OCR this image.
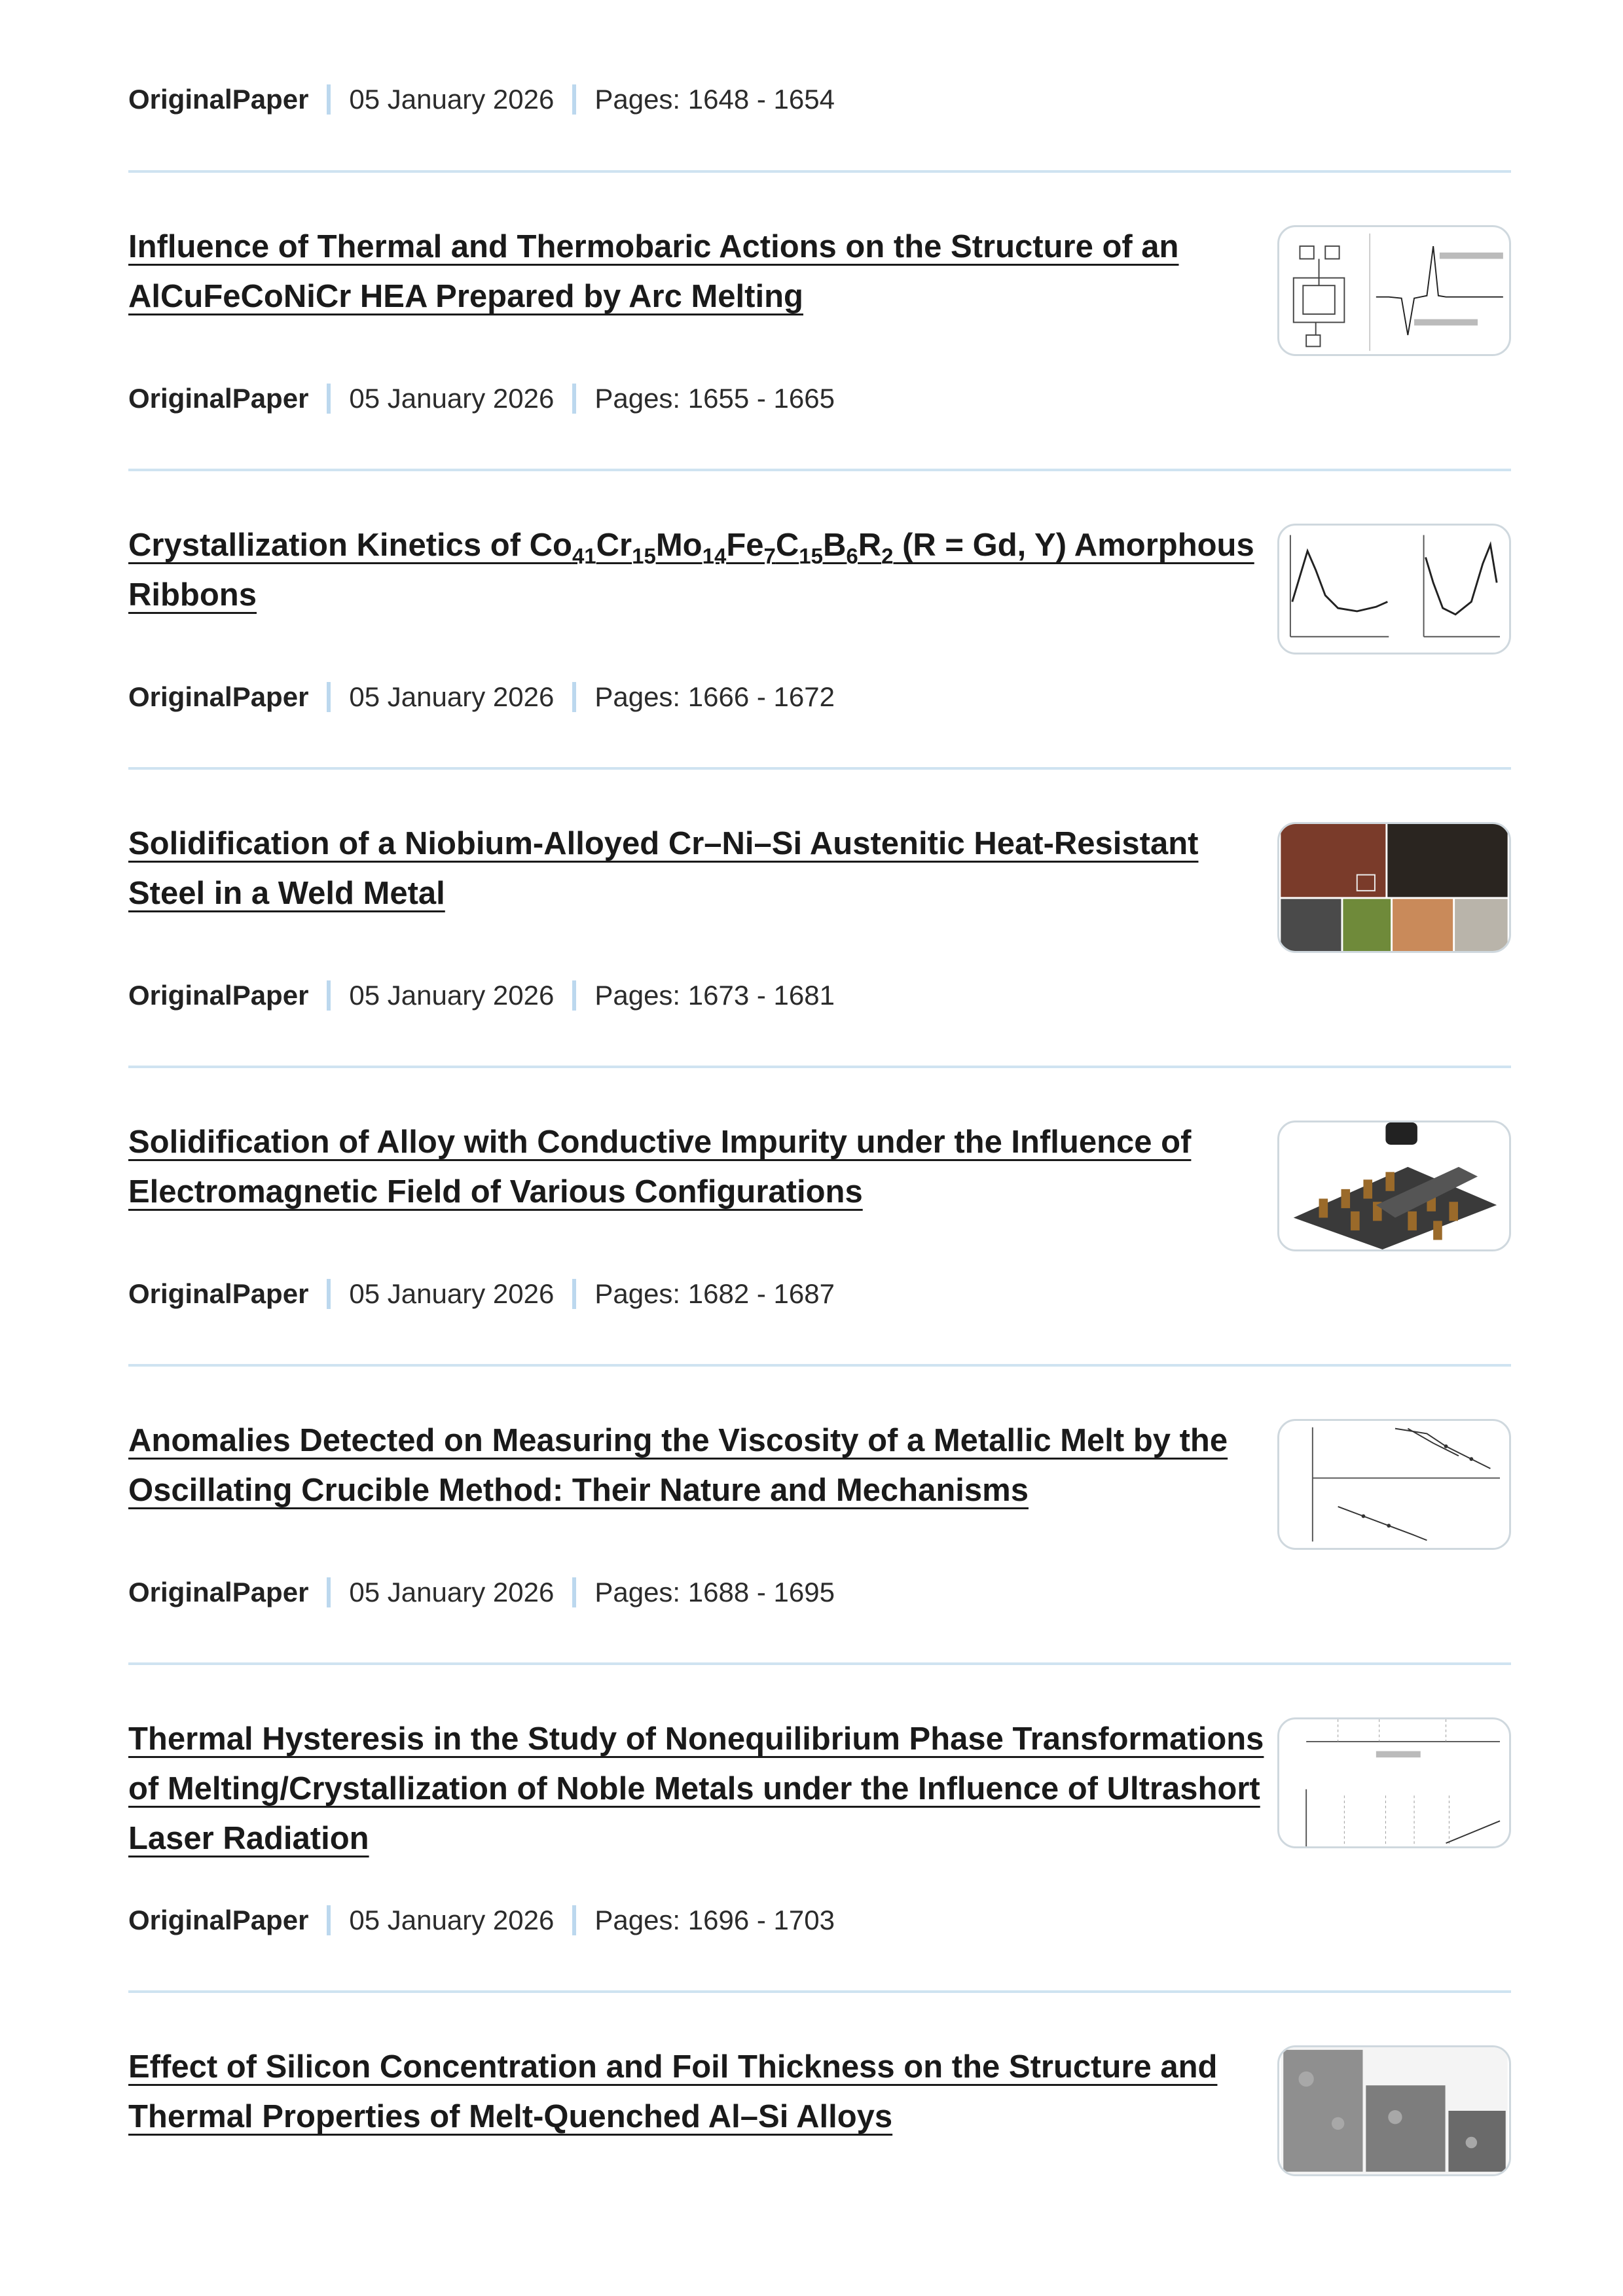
OriginalPaper 05 January 2026 Pages: 1648 - 1654
Influence of Thermal and Thermobaric Actions on the Structure of an AlCuFeCoNiCr HEA Prepared by Arc Melting
OriginalPaper 05 January 2026 Pages: 1655 - 1665
Crystallization Kinetics of $Co_{41}Cr_{15}Mo_{14}Fe_7C_{15}B_6R_2$ (R = Gd, Y) Amorphous Ribbons
OriginalPaper 05 January 2026 Pages: 1666 - 1672
Solidification of a Niobium-Alloyed Cr–Ni–Si Austenitic Heat-Resistant Steel in a Weld Metal
OriginalPaper 05 January 2026 Pages: 1673 - 1681
Solidification of Alloy with Conductive Impurity under the Influence of Electromagnetic Field of Various Configurations
OriginalPaper 05 January 2026 Pages: 1682 - 1687
Anomalies Detected on Measuring the Viscosity of a Metallic Melt by the Oscillating Crucible Method: Their Nature and Mechanisms
OriginalPaper 05 January 2026 Pages: 1688 - 1695
Thermal Hysteresis in the Study of Nonequilibrium Phase Transformations of Melting/Crystallization of Noble Metals under the Influence of Ultrashort Laser Radiation
OriginalPaper 05 January 2026 Pages: 1696 - 1703
Effect of Silicon Concentration and Foil Thickness on the Structure and Thermal Properties of Melt-Quenched Al–Si Alloys
